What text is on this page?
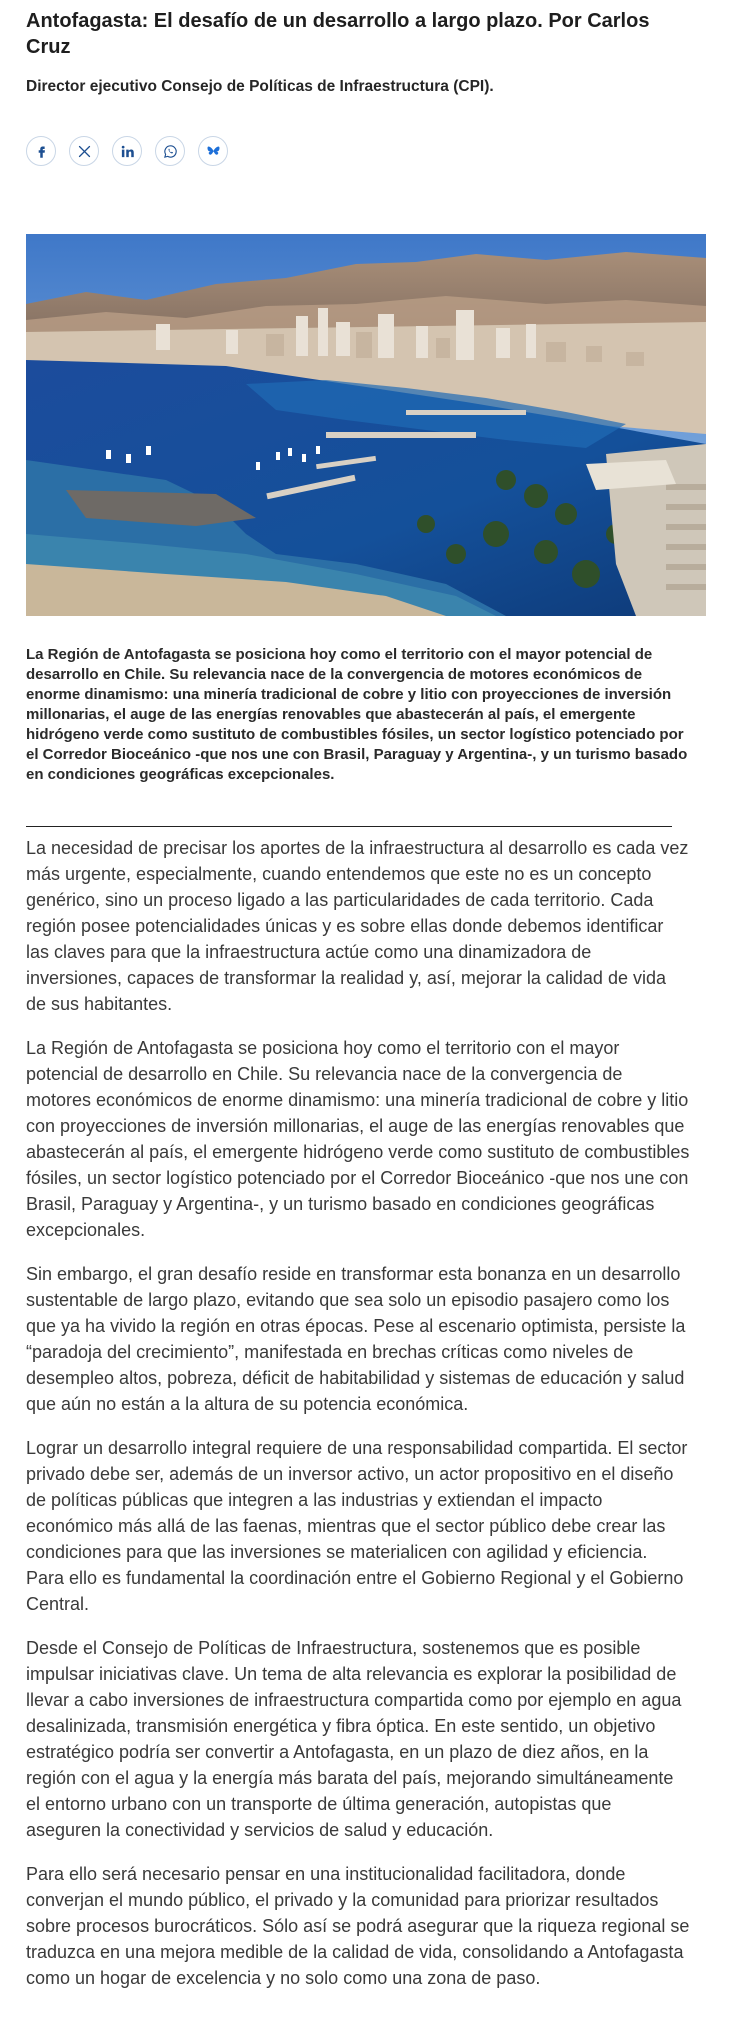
Antofagasta: El desafío de un desarrollo a largo plazo. Por Carlos Cruz
Director ejecutivo Consejo de Políticas de Infraestructura (CPI).

La Región de Antofagasta se posiciona hoy como el territorio con el mayor potencial de desarrollo en Chile. Su relevancia nace de la convergencia de motores económicos de enorme dinamismo: una minería tradicional de cobre y litio con proyecciones de inversión millonarias, el auge de las energías renovables que abastecerán al país, el emergente hidrógeno verde como sustituto de combustibles fósiles, un sector logístico potenciado por el Corredor Bioceánico -que nos une con Brasil, Paraguay y Argentina-, y un turismo basado en condiciones geográficas excepcionales.

La necesidad de precisar los aportes de la infraestructura al desarrollo es cada vez más urgente, especialmente, cuando entendemos que este no es un concepto genérico, sino un proceso ligado a las particularidades de cada territorio. Cada región posee potencialidades únicas y es sobre ellas donde debemos identificar las claves para que la infraestructura actúe como una dinamizadora de inversiones, capaces de transformar la realidad y, así, mejorar la calidad de vida de sus habitantes.

La Región de Antofagasta se posiciona hoy como el territorio con el mayor potencial de desarrollo en Chile. Su relevancia nace de la convergencia de motores económicos de enorme dinamismo: una minería tradicional de cobre y litio con proyecciones de inversión millonarias, el auge de las energías renovables que abastecerán al país, el emergente hidrógeno verde como sustituto de combustibles fósiles, un sector logístico potenciado por el Corredor Bioceánico -que nos une con Brasil, Paraguay y Argentina-, y un turismo basado en condiciones geográficas excepcionales.

Sin embargo, el gran desafío reside en transformar esta bonanza en un desarrollo sustentable de largo plazo, evitando que sea solo un episodio pasajero como los que ya ha vivido la región en otras épocas. Pese al escenario optimista, persiste la “paradoja del crecimiento”, manifestada en brechas críticas como niveles de desempleo altos, pobreza, déficit de habitabilidad y sistemas de educación y salud que aún no están a la altura de su potencia económica.

Lograr un desarrollo integral requiere de una responsabilidad compartida. El sector privado debe ser, además de un inversor activo, un actor propositivo en el diseño de políticas públicas que integren a las industrias y extiendan el impacto económico más allá de las faenas, mientras que el sector público debe crear las condiciones para que las inversiones se materialicen con agilidad y eficiencia. Para ello es fundamental la coordinación entre el Gobierno Regional y el Gobierno Central.

Desde el Consejo de Políticas de Infraestructura, sostenemos que es posible impulsar iniciativas clave. Un tema de alta relevancia es explorar la posibilidad de llevar a cabo inversiones de infraestructura compartida como por ejemplo en agua desalinizada, transmisión energética y fibra óptica. En este sentido, un objetivo estratégico podría ser convertir a Antofagasta, en un plazo de diez años, en la región con el agua y la energía más barata del país, mejorando simultáneamente el entorno urbano con un transporte de última generación, autopistas que aseguren la conectividad y servicios de salud y educación.

Para ello será necesario pensar en una institucionalidad facilitadora, donde converjan el mundo público, el privado y la comunidad para priorizar resultados sobre procesos burocráticos. Sólo así se podrá asegurar que la riqueza regional se traduzca en una mejora medible de la calidad de vida, consolidando a Antofagasta como un hogar de excelencia y no solo como una zona de paso.
